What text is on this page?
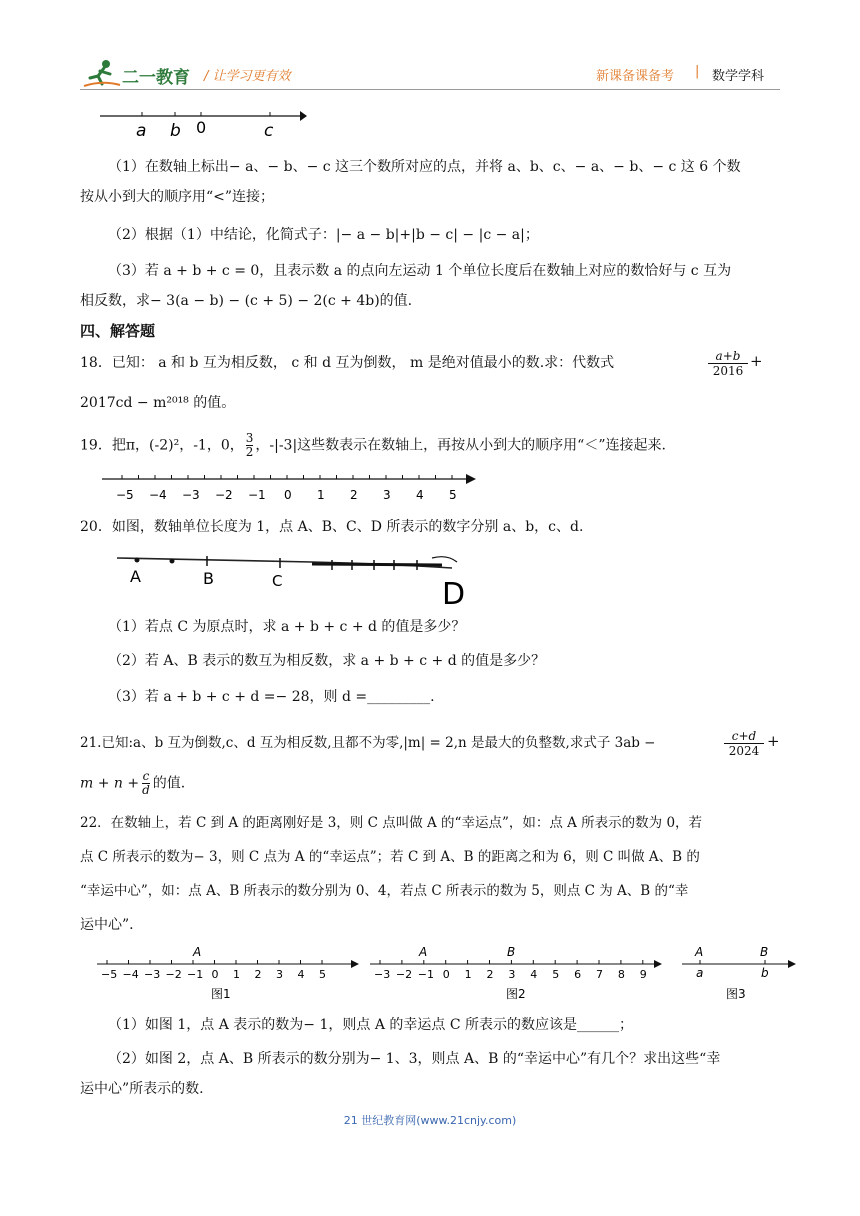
二一教育 / 让学习更有效	新课备课备考 | 数学学科
a b 0	c
（1）在数轴上标出− a、− b、− c 这三个数所对应的点，并将 a、b、c、− a、− b、− c 这 6 个数
按从小到大的顺序用“<”连接；
（2）根据（1）中结论，化简式子：|− a − b|+|b − c| − |c − a|；
（3）若 a + b + c = 0，且表示数 a 的点向左运动 1 个单位长度后在数轴上对应的数恰好与 c 互为
相反数，求− 3(a − b) − (c + 5) − 2(c + 4b)的值.
四、解答题
18．已知： a 和 b 互为相反数， c 和 d 互为倒数， m 是绝对值最小的数.求：代数式	$\frac{a+b}{2016}$ +
2017cd − m²⁰¹⁸ 的值。
19．把π，(-2)²，-1，0， $\frac{3}{2}$ ，-|-3|这些数表示在数轴上，再按从小到大的顺序用“＜”连接起来.
−5 −4 −3 −2 −1 0 1 2 3 4 5
20．如图，数轴单位长度为 1，点 A、B、C、D 所表示的数字分别 a、b，c、d.
A	B	C	D
（1）若点 C 为原点时，求 a + b + c + d 的值是多少？
（2）若 A、B 表示的数互为相反数，求 a + b + c + d 的值是多少？
（3）若 a + b + c + d =− 28，则 d =_________.
21.已知:a、b 互为倒数,c、d 互为相反数,且都不为零,|m| = 2,n 是最大的负整数,求式子 3ab −	$\frac{c+d}{2024}$ +
$m + n + \frac{c}{d}$ 的值.
22．在数轴上，若 C 到 A 的距离刚好是 3，则 C 点叫做 A 的“幸运点”，如：点 A 所表示的数为 0，若
点 C 所表示的数为− 3，则 C 点为 A 的“幸运点”；若 C 到 A、B 的距离之和为 6，则 C 叫做 A、B 的
“幸运中心”，如：点 A、B 所表示的数分别为 0、4，若点 C 所表示的数为 5，则点 C 为 A、B 的“幸
运中心”.
A
−5 −4 −3 −2 −1 0 1 2 3 4 5
图1
A	B
−3 −2 −1 0 1 2 3 4 5 6 7 8 9
图2
A	B
a	b
图3
（1）如图 1，点 A 表示的数为− 1，则点 A 的幸运点 C 所表示的数应该是______；
（2）如图 2，点 A、B 所表示的数分别为− 1、3，则点 A、B 的“幸运中心”有几个？求出这些“幸
运中心”所表示的数.
21 世纪教育网(www.21cnjy.com)
